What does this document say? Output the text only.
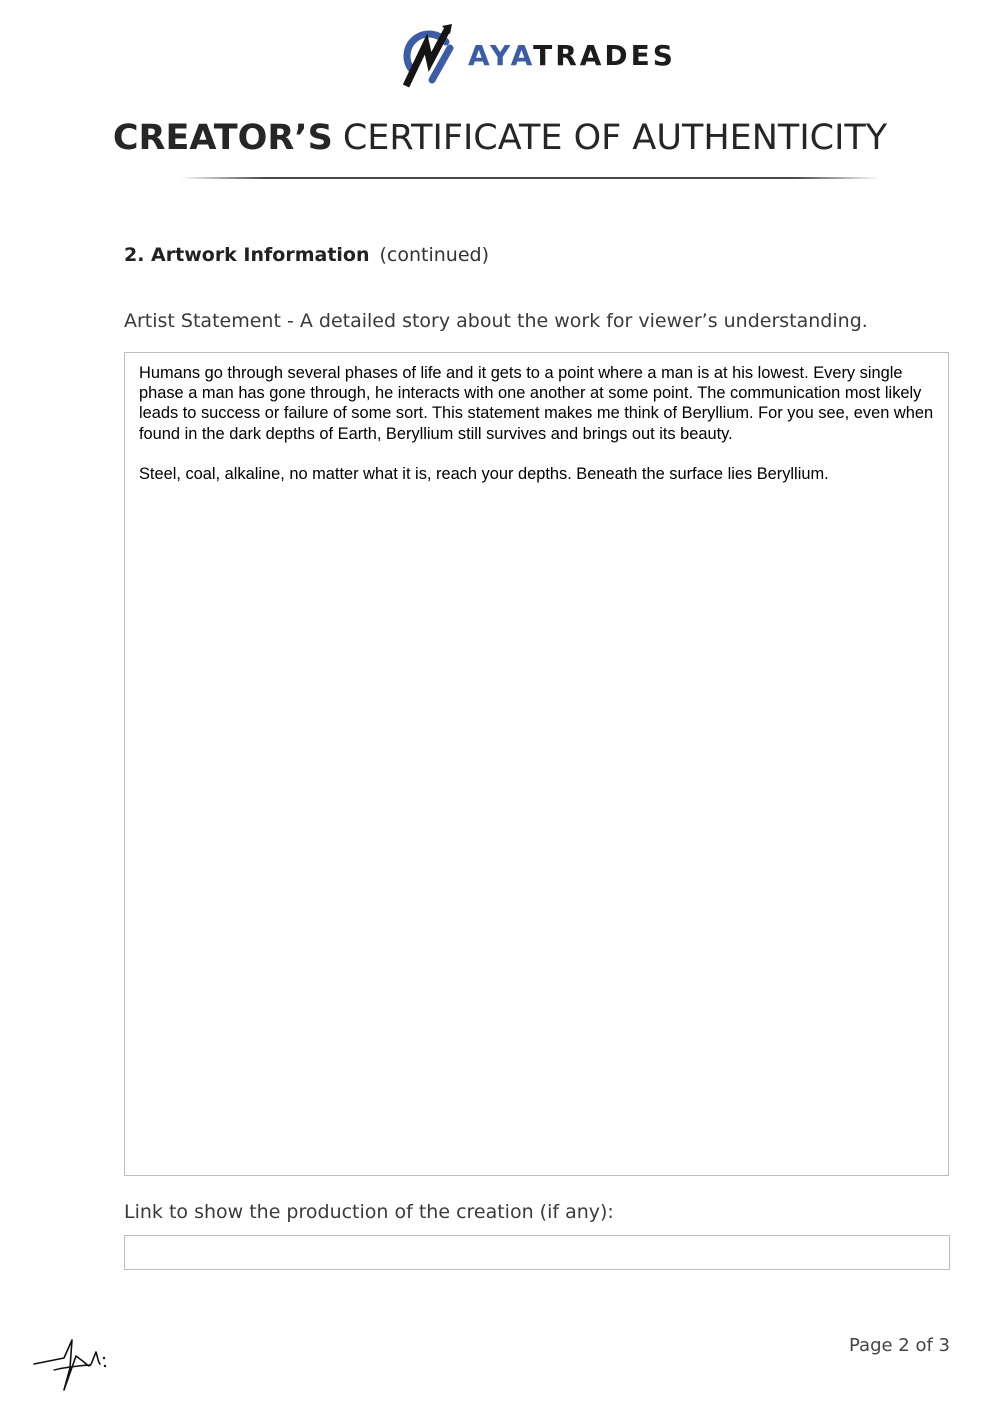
AYATRADES
CREATOR’S CERTIFICATE OF AUTHENTICITY
2. Artwork Information (continued)
Artist Statement - A detailed story about the work for viewer’s understanding.

Humans go through several phases of life and it gets to a point where a man is at his lowest. Every single phase a man has gone through, he interacts with one another at some point. The communication most likely leads to success or failure of some sort. This statement makes me think of Beryllium. For you see, even when found in the dark depths of Earth, Beryllium still survives and brings out its beauty.

Steel, coal, alkaline, no matter what it is, reach your depths. Beneath the surface lies Beryllium.

Link to show the production of the creation (if any):
Page 2 of 3
